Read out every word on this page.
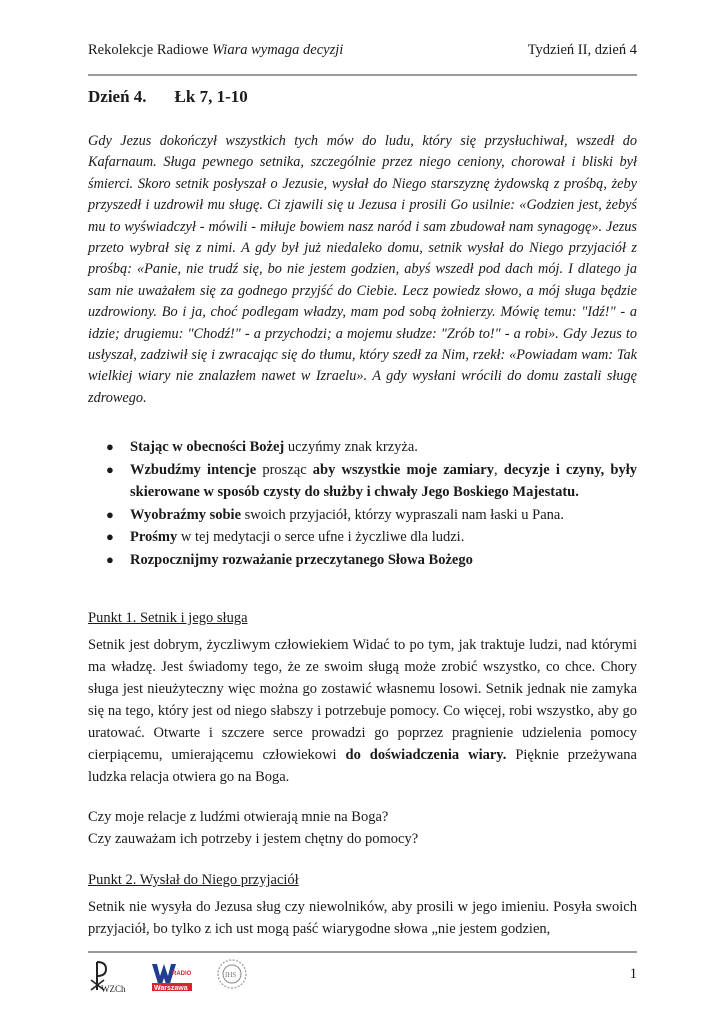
Rekolekcje Radiowe Wiara wymaga decyzji	Tydzień II, dzień 4
Dzień 4. Łk 7, 1-10
Gdy Jezus dokończył wszystkich tych mów do ludu, który się przysłuchiwał, wszedł do Kafarnaum. Sługa pewnego setnika, szczególnie przez niego ceniony, chorował i bliski był śmierci. Skoro setnik posłyszał o Jezusie, wysłał do Niego starszyznę żydowską z prośbą, żeby przyszedł i uzdrowił mu sługę. Ci zjawili się u Jezusa i prosili Go usilnie: «Godzien jest, żebyś mu to wyświadczył - mówili - miłuje bowiem nasz naród i sam zbudował nam synagogę». Jezus przeto wybrał się z nimi. A gdy był już niedaleko domu, setnik wysłał do Niego przyjaciół z prośbą: «Panie, nie trudź się, bo nie jestem godzien, abyś wszedł pod dach mój. I dlatego ja sam nie uważałem się za godnego przyjść do Ciebie. Lecz powiedz słowo, a mój sługa będzie uzdrowiony. Bo i ja, choć podlegam władzy, mam pod sobą żołnierzy. Mówię temu: "Idź!" - a idzie; drugiemu: "Chodź!" - a przychodzi; a mojemu słudze: "Zrób to!" - a robi». Gdy Jezus to usłyszał, zadziwił się i zwracając się do tłumu, który szedł za Nim, rzekł: «Powiadam wam: Tak wielkiej wiary nie znalazłem nawet w Izraelu». A gdy wysłani wrócili do domu zastali sługę zdrowego.
● Stając w obecności Bożej uczyńmy znak krzyża.
● Wzbudźmy intencje prosząc aby wszystkie moje zamiary, decyzje i czyny, były skierowane w sposób czysty do służby i chwały Jego Boskiego Majestatu.
● Wyobraźmy sobie swoich przyjaciół, którzy wypraszali nam łaski u Pana.
● Prośmy w tej medytacji o serce ufne i życzliwe dla ludzi.
● Rozpocznijmy rozważanie przeczytanego Słowa Bożego
Punkt 1. Setnik i jego sługa
Setnik jest dobrym, życzliwym człowiekiem Widać to po tym, jak traktuje ludzi, nad którymi ma władzę. Jest świadomy tego, że ze swoim sługą może zrobić wszystko, co chce. Chory sługa jest nieużyteczny więc można go zostawić własnemu losowi. Setnik jednak nie zamyka się na tego, który jest od niego słabszy i potrzebuje pomocy. Co więcej, robi wszystko, aby go uratować. Otwarte i szczere serce prowadzi go poprzez pragnienie udzielenia pomocy cierpiącemu, umierającemu człowiekowi do doświadczenia wiary. Pięknie przeżywana ludzka relacja otwiera go na Boga.
Czy moje relacje z ludźmi otwierają mnie na Boga?
Czy zauważam ich potrzeby i jestem chętny do pomocy?
Punkt 2. Wysłał do Niego przyjaciół
Setnik nie wysyła do Jezusa sług czy niewolników, aby prosili w jego imieniu. Posyła swoich przyjaciół, bo tylko z ich ust mogą paść wiarygodne słowa „nie jestem godzien,
WZCh
RADIO
Warszawa
IHS	1
